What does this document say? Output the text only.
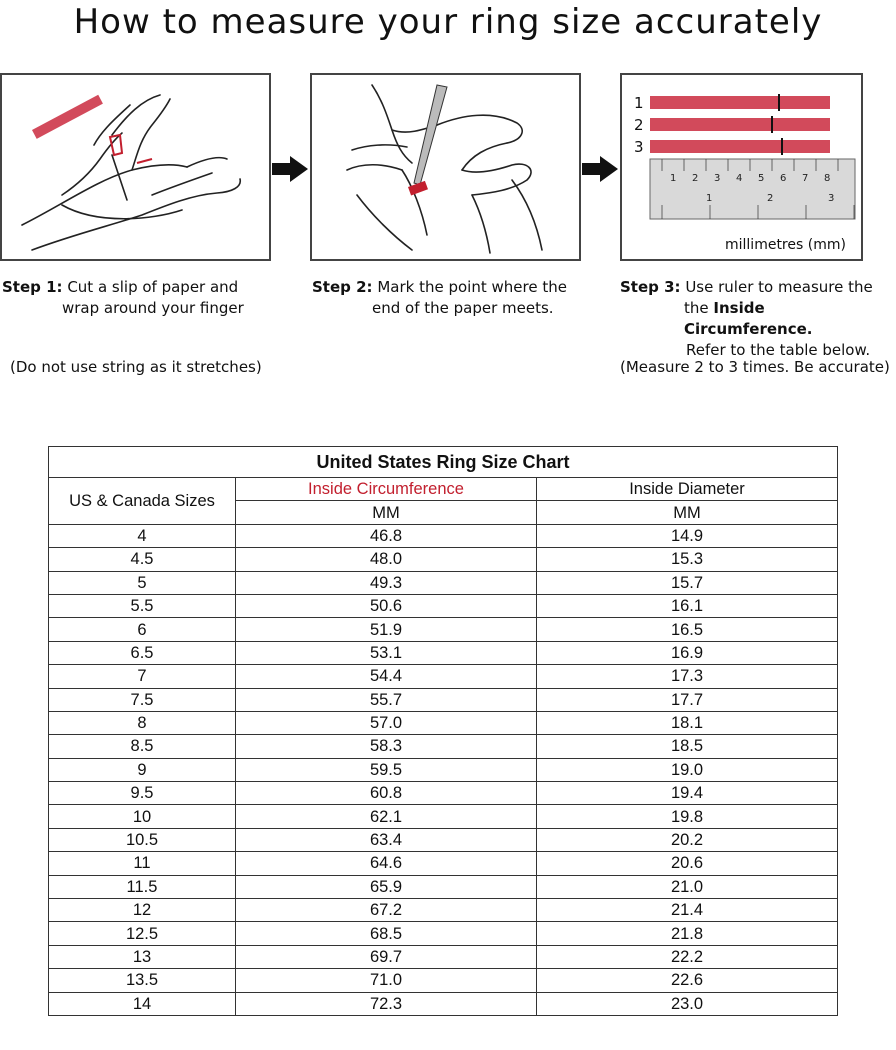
How to measure your ring size accurately
1
2
3
1 2 3 4 5 6 7 8
1	2	3
millimetres (mm)
Step 1: Cut a slip of paper and
wrap around your finger
(Do not use string as it stretches)
Step 2: Mark the point where the
end of the paper meets.
Step 3: Use ruler to measure the
the Inside Circumference.
Refer to the table below.
(Measure 2 to 3 times. Be accurate)
United States Ring Size Chart		
US & Canada Sizes	Inside Circumference	Inside Diameter
	MM	MM
4	46.8	14.9
4.5	48.0	15.3
5	49.3	15.7
5.5	50.6	16.1
6	51.9	16.5
6.5	53.1	16.9
7	54.4	17.3
7.5	55.7	17.7
8	57.0	18.1
8.5	58.3	18.5
9	59.5	19.0
9.5	60.8	19.4
10	62.1	19.8
10.5	63.4	20.2
11	64.6	20.6
11.5	65.9	21.0
12	67.2	21.4
12.5	68.5	21.8
13	69.7	22.2
13.5	71.0	22.6
14	72.3	23.0
